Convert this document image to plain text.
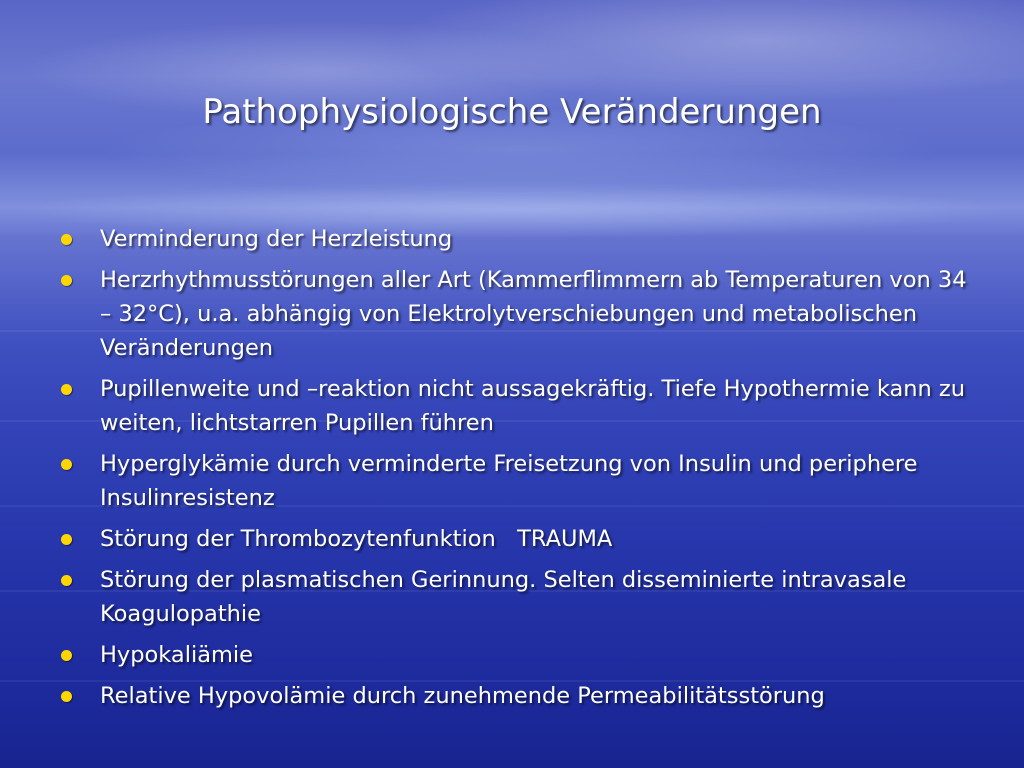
Pathophysiologische Veränderungen
Verminderung der Herzleistung
Herzrhythmusstörungen aller Art (Kammerflimmern ab Temperaturen von 34 – 32°C), u.a. abhängig von Elektrolytverschiebungen und metabolischen Veränderungen
Pupillenweite und –reaktion nicht aussagekräftig. Tiefe Hypothermie kann zu weiten, lichtstarren Pupillen führen
Hyperglykämie durch verminderte Freisetzung von Insulin und periphere Insulinresistenz
Störung der Thrombozytenfunktion   TRAUMA
Störung der plasmatischen Gerinnung. Selten disseminierte intravasale Koagulopathie
Hypokaliämie
Relative Hypovolämie durch zunehmende Permeabilitätsstörung
